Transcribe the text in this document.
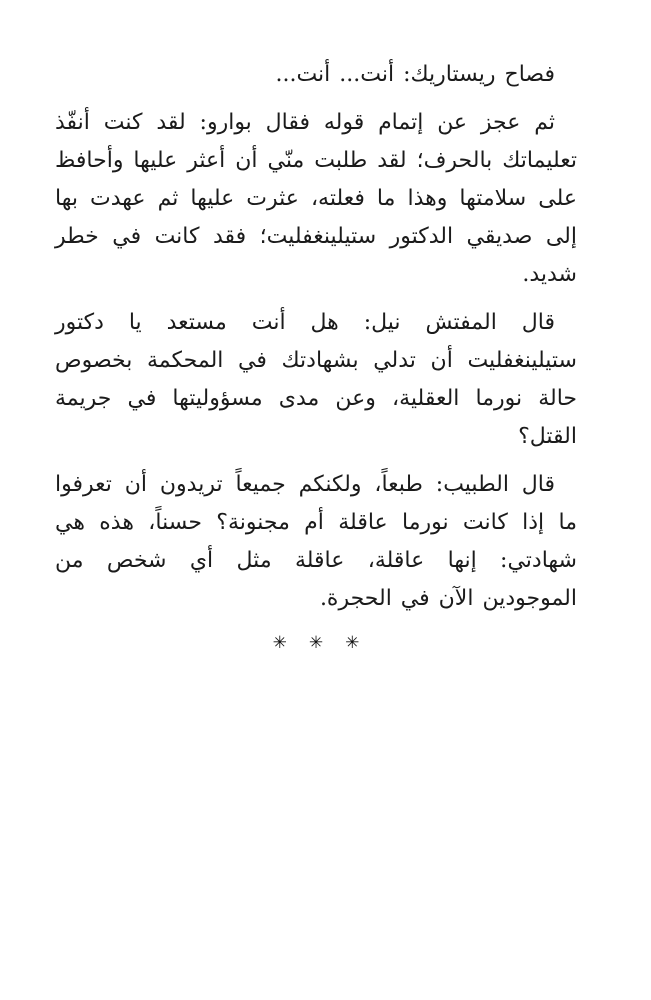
فصاح ريستاريك: أنت... أنت...

ثم عجز عن إتمام قوله فقال بوارو: لقد كنت أنفّذ تعليماتك بالحرف؛ لقد طلبت منّي أن أعثر عليها وأحافظ على سلامتها وهذا ما فعلته، عثرت عليها ثم عهدت بها إلى صديقي الدكتور ستيلينغفليت؛ فقد كانت في خطر شديد.

قال المفتش نيل: هل أنت مستعد يا دكتور ستيلينغفليت أن تدلي بشهادتك في المحكمة بخصوص حالة نورما العقلية، وعن مدى مسؤوليتها في جريمة القتل؟

قال الطبيب: طبعاً، ولكنكم جميعاً تريدون أن تعرفوا ما إذا كانت نورما عاقلة أم مجنونة؟ حسناً، هذه هي شهادتي: إنها عاقلة، عاقلة مثل أي شخص من الموجودين الآن في الحجرة.

✳
✳
✳
